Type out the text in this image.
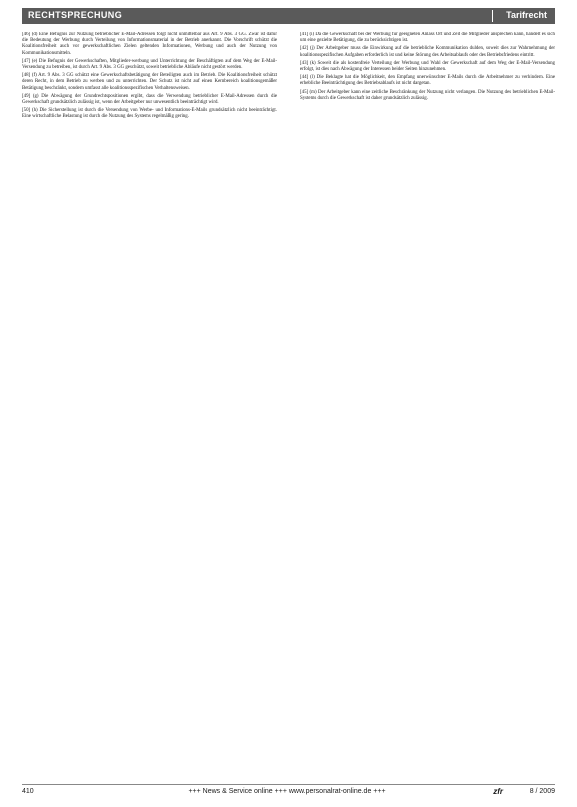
RECHTSPRECHUNG	Tarifrecht

[46] (d) Eine Befugnis zur Nutzung betrieblicher E-Mail-Adressen folgt nicht unmittelbar aus Art. 9 Abs. 3 GG. Zwar ist dafür die Bedeutung der Werbung durch Verteilung von Informationsmaterial in der Betrieb anerkannt. Die Vorschrift schützt die Koalitionsfreiheit auch vor gewerkschaftlichen Zielen geltenden Informationen, Werbung und auch der Nutzung von Kommunikationsmitteln.

[47] (e) Die Befugnis der Gewerkschaften, Mitglieder-werbung und Unterrichtung der Beschäftigten auf dem Weg der E-Mail-Versendung zu betreiben, ist durch Art. 9 Abs. 3 GG geschützt, soweit betriebliche Abläufe nicht gestört werden.

[48] (f) Art. 9 Abs. 3 GG schützt eine Gewerkschaftsbetätigung der Beteiligten auch im Betrieb. Die Koalitionsfreiheit schützt deren Recht, in dem Betrieb zu werben und zu unterrichten. Der Schutz ist nicht auf einen Kernbereich koalitionsgemäßer Betätigung beschränkt, sondern umfasst alle koalitionsspezifischen Verhaltensweisen.

[49] (g) Die Abwägung der Grundrechtspositionen ergibt, dass die Verwendung betrieblicher E-Mail-Adressen durch die Gewerkschaft grundsätzlich zulässig ist, wenn der Arbeitgeber nur unwesentlich beeinträchtigt wird.

[50] (h) Die Sicherstellung ist durch die Versendung von Werbe- und Informations-E-Mails grundsätzlich nicht beeinträchtigt. Eine wirtschaftliche Belastung ist durch die Nutzung des Systems regelmäßig gering.

[41] (i) Da die Gewerkschaft bei der Werbung für geeigneten Anlass Ort und Zeit die Mitglieder ansprechen kann, handelt es sich um eine gezielte Betätigung, die zu berücksichtigen ist.

[42] (j) Der Arbeitgeber muss die Einwirkung auf die betriebliche Kommunikation dulden, soweit dies zur Wahrnehmung der koalitionsspezifischen Aufgaben erforderlich ist und keine Störung des Arbeitsablaufs oder des Betriebsfriedens eintritt.

[43] (k) Soweit die als kostenfreie Verteilung der Werbung und Wahl der Gewerkschaft auf dem Weg der E-Mail-Versendung erfolgt, ist dies nach Abwägung der Interessen beider Seiten hinzunehmen.

[44] (l) Die Beklagte hat die Möglichkeit, den Empfang unerwünschter E-Mails durch die Arbeitnehmer zu verhindern. Eine erhebliche Beeinträchtigung des Betriebsablaufs ist nicht dargetan.

[45] (m) Der Arbeitgeber kann eine zeitliche Beschränkung der Nutzung nicht verlangen. Die Nutzung des betrieblichen E-Mail-Systems durch die Gewerkschaft ist daher grundsätzlich zulässig.

410	+++ News & Service online +++ www.personalrat-online.de +++	zfr	8 / 2009
